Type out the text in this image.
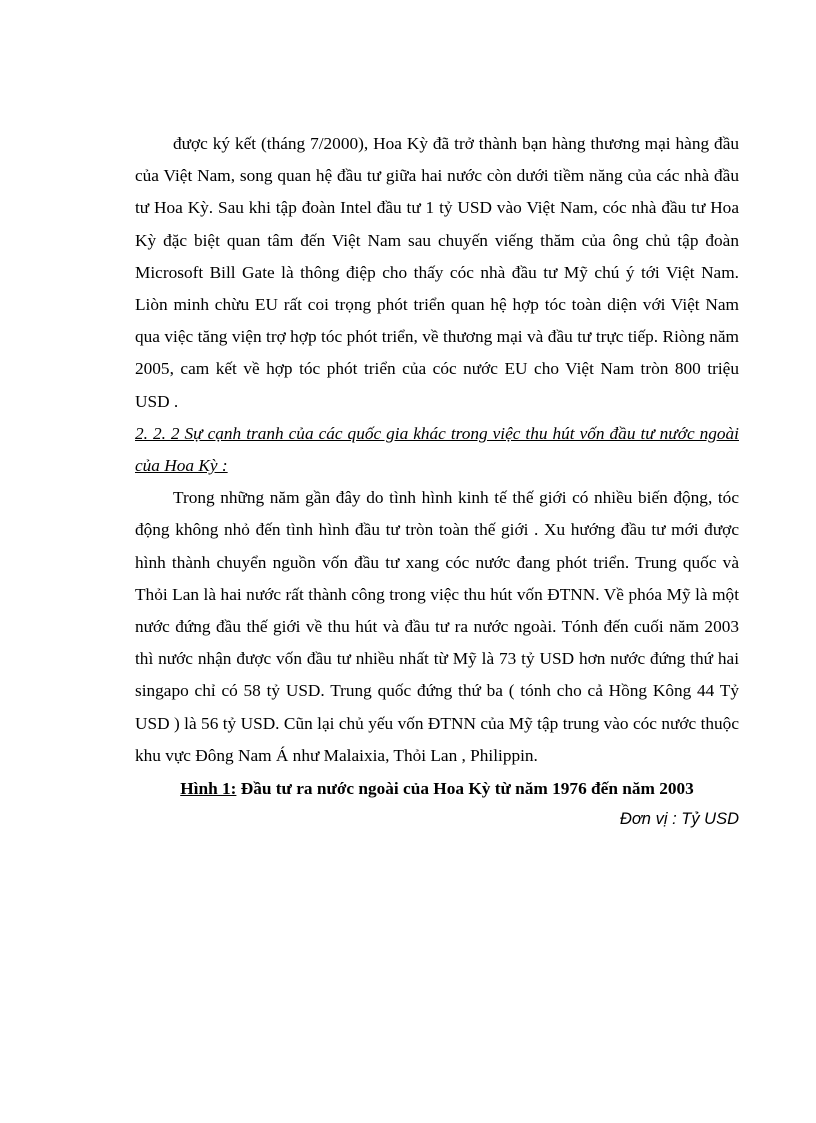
được ký kết (tháng 7/2000), Hoa Kỳ đã trở thành bạn hàng thương mại hàng đầu của Việt Nam, song quan hệ đầu tư giữa hai nước còn dưới tiềm năng của các nhà đầu tư Hoa Kỳ. Sau khi tập đoàn Intel đầu tư 1 tỷ USD vào Việt Nam, cóc nhà đầu tư Hoa Kỳ đặc biệt quan tâm đến Việt Nam sau chuyến viếng thăm của ông chủ tập đoàn Microsoft Bill Gate là thông điệp cho thấy cóc nhà đầu tư Mỹ chú ý tới Việt Nam. Liòn minh chừu EU rất coi trọng phót triển quan hệ hợp tóc toàn diện với Việt Nam qua việc tăng viện trợ hợp tóc phót triển, về thương mại và đầu tư trực tiếp. Riòng năm 2005, cam kết về hợp tóc phót triển của cóc nước EU cho Việt Nam tròn 800 triệu USD .

2. 2. 2 Sự cạnh tranh của các quốc gia khác trong việc thu hút vốn đầu tư nước ngoài của Hoa Kỳ :

Trong những năm gần đây do tình hình kinh tế thế giới có nhiều biến động, tóc động không nhỏ đến tình hình đầu tư tròn toàn thế giới . Xu hướng đầu tư mới được hình thành chuyển nguồn vốn đầu tư xang cóc nước đang phót triển. Trung quốc và Thỏi Lan là hai nước rất thành công trong việc thu hút vốn ĐTNN. Về phóa Mỹ là một nước đứng đầu thế giới về thu hút và đầu tư ra nước ngoài. Tónh đến cuối năm 2003 thì nước nhận được vốn đầu tư nhiều nhất từ Mỹ là 73 tỷ USD hơn nước đứng thứ hai singapo chỉ có 58 tỷ USD. Trung quốc đứng thứ ba ( tónh cho cả Hồng Kông 44 Tỷ USD ) là 56 tỷ USD. Cũn lại chủ yếu vốn ĐTNN của Mỹ tập trung vào cóc nước thuộc khu vực Đông Nam Á như Malaixia, Thỏi Lan , Philippin.

Hình 1: Đầu tư ra nước ngoài của Hoa Kỳ từ năm 1976 đến năm 2003

Đơn vị : Tỷ USD
